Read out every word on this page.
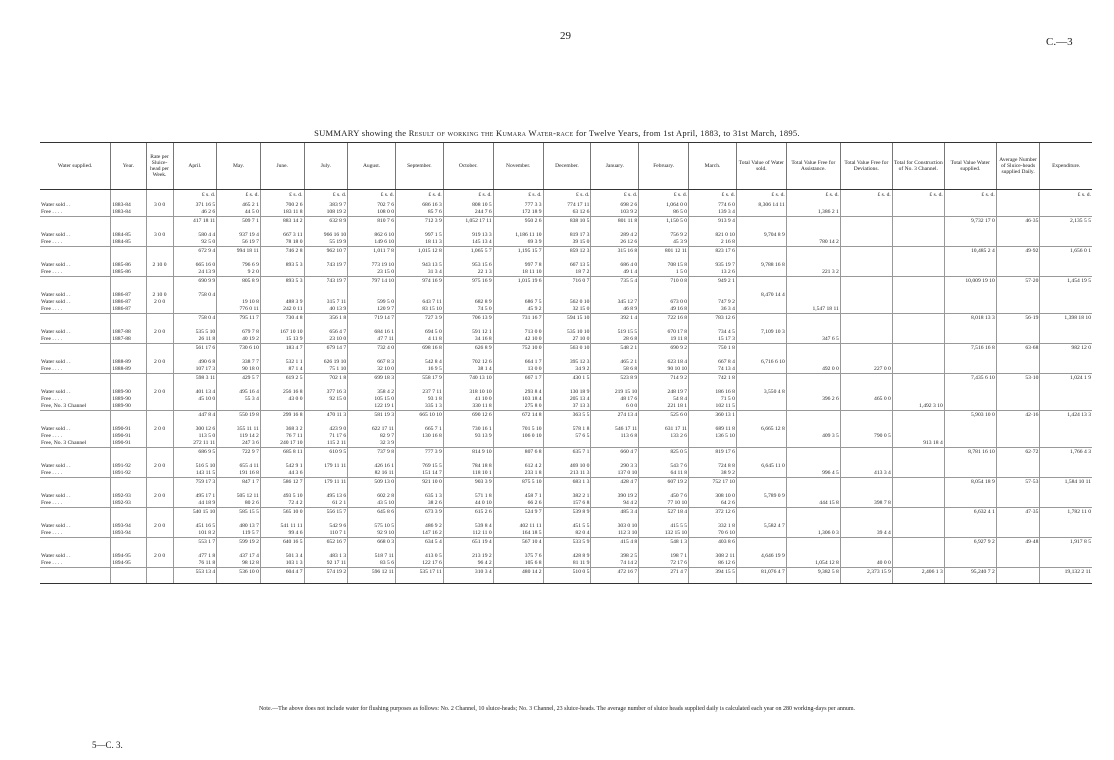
29	C.—3
SUMMARY showing the Result of working the Kumara Water-race for Twelve Years, from 1st April, 1883, to 31st March, 1895.
Water supplied.	Year.	Rate per Sluice-head per Week.	April.	May.	June.	July.	August.	September.	October.	November.	December.	January.	February.	March.	Total Value of Water sold.	Total Value Free for Assistance.	Total Value Free for Deviations.	Total for Construction of No. 3 Channel.	Total Value Water supplied.	Average Number of Sluice-heads supplied Daily.	Expenditure.
			£ s. d.	£ s. d.	£ s. d.	£ s. d.	£ s. d.	£ s. d.	£ s. d.	£ s. d.	£ s. d.	£ s. d.	£ s. d.	£ s. d.	£ s. d.	£ s. d.	£ s. d.	£ s. d.	£ s. d.		£ s. d.
Water sold . .	1883-84	3 0 0	371 16 5	465 2 1	700 2 6	383 9 7	702 7 6	686 16 3	808 10 5	777 3 3	774 17 11	698 2 6	1,064 0 0	774 6 0	8,306 14 11						
Free . . . .	1883-84		46 2 6	44 5 0	183 11 8	108 19 2	108 0 0	85 7 6	244 7 6	172 18 9	63 12 6	103 9 2	86 5 0	139 3 4		1,386 2 1					
			417 18 11	509 7 1	883 14 2	632 8 9	810 7 6	712 3 9	1,052 17 11	950 2 6	838 10 5	801 11 8	1,150 5 0	913 9 4					9,732 17 0	46·35	2,135 5 5
Water sold . .	1884-85	3 0 0	580 4 4	937 19 4	667 3 11	966 16 10	862 6 10	997 1 5	919 13 3	1,186 11 10	819 17 3	289 4 2	756 9 2	821 0 10	9,704 8 9						
Free . . . .	1884-85		92 5 0	56 19 7	78 18 0	55 19 9	149 6 10	18 11 3	145 13 4	69 3 9	39 15 0	26 12 6	45 3 9	2 16 8		780 14 2					
			672 9 4	994 18 11	746 2 8	962 10 7	1,011 7 8	1,015 12 8	1,065 5 7	1,195 15 7	859 12 3	315 16 8	801 12 11	823 17 6					10,485 2 4	49·92	1,656 0 1
Water sold . .	1885-86	2 10 0	665 16 0	796 6 9	893 5 3	743 19 7	773 19 10	943 13 5	953 15 6	997 7 8	667 13 5	686 4 0	708 15 8	935 19 7	9,788 16 8						
Free . . . .	1885-86		24 13 9	9 2 0			23 15 0	31 3 4	22 1 3	18 11 10	18 7 2	49 1 4	1 5 0	13 2 6		221 3 2					
			690 9 9	805 8 9	893 5 3	743 19 7	797 14 10	974 16 9	975 16 9	1,015 19 6	716 0 7	735 5 4	710 0 8	949 2 1					10,009 19 10	57·20	1,454 19 5
Water sold . .	1886-87	2 10 0	758 0 4												8,470 14 4						
Water sold . .	1886-87	2 0 0		19 10 8	488 3 9	315 7 11	599 5 0	643 7 11	682 8 9	686 7 5	562 0 10	345 12 7	673 0 0	747 9 2							
Free . . . .	1886-87			776 0 11	242 0 11	40 13 9	120 9 7	83 15 10	74 5 0	45 9 2	32 15 0	46 8 9	49 16 8	36 3 4		1,547 18 11					
			758 0 4	795 11 7	730 4 8	356 1 8	719 14 7	727 3 9	706 13 9	731 16 7	594 15 10	392 1 4	722 16 8	783 12 6					8,018 13 3	56·19	1,398 18 10
Water sold . .	1887-88	2 0 0	535 5 10	679 7 8	167 10 10	656 4 7	684 16 1	694 5 0	591 12 1	713 0 0	535 10 10	519 15 5	670 17 8	734 4 5	7,109 10 3						
Free . . . .	1887-88		26 11 8	40 19 2	15 13 9	23 10 0	47 7 11	4 11 8	34 16 8	42 10 0	27 10 0	28 6 8	19 11 8	15 17 3		347 6 5					
			561 17 6	730 6 10	183 4 7	679 14 7	732 4 0	698 16 8	626 8 9	752 10 0	563 0 10	548 2 1	690 9 2	750 1 8					7,516 16 8	63·68	982 12 0
Water sold . .	1888-89	2 0 0	490 6 8	338 7 7	532 1 1	626 19 10	667 8 3	542 8 4	702 12 6	664 1 7	395 12 3	465 2 1	623 18 4	667 8 4	6,716 6 10						
Free . . . .	1888-89		107 17 3	90 18 0	87 1 4	75 1 10	32 10 0	16 9 5	38 1 4	13 0 0	34 9 2	58 6 8	90 10 10	74 13 4		492 0 0	227 0 0				
			598 3 11	429 5 7	619 2 5	702 1 8	699 18 3	558 17 9	740 13 10	667 1 7	430 1 5	523 8 9	714 9 2	742 1 8					7,435 6 10	53·10	1,024 1 9
Water sold . .	1889-90	2 0 0	401 13 4	495 16 4	256 16 8	377 16 3	358 4 2	237 7 11	318 10 10	293 8 4	130 18 9	219 15 10	248 19 7	186 16 8	3,550 4 8						
Free . . . .	1889-90		45 10 0	55 3 4	43 0 0	92 15 0	105 15 0	93 1 8	41 10 0	103 18 4	205 13 4	48 17 6	54 8 4	71 5 0		396 2 6	465 0 0				
Free, No. 3 Channel	1889-90						122 19 1	335 1 3	330 11 8	275 8 0	37 13 3	6 0 0	221 18 1	102 11 5				1,492 3 10			
			447 8 4	550 19 8	299 16 8	470 11 3	581 19 3	665 10 10	690 12 6	672 14 8	363 5 5	274 13 4	525 6 0	360 13 1					5,903 10 0	42·16	1,424 13 3
Water sold . .	1890-91	2 0 0	300 12 6	355 11 11	368 3 2	423 9 0	622 17 11	665 7 1	730 16 1	701 5 10	578 1 8	546 17 11	631 17 11	689 11 8	6,665 12 8						
Free . . . .	1890-91		113 5 0	119 14 2	76 7 11	71 17 6	82 9 7	130 16 8	93 13 9	106 0 10	57 6 5	113 6 8	133 2 6	136 5 10		409 3 5	790 0 5				
Free, No. 3 Channel	1890-91		272 11 11	247 3 6	240 17 10	115 2 11	32 3 9											913 18 4			
			686 9 5	722 9 7	685 8 11	610 9 5	737 9 8	777 3 9	814 9 10	807 6 8	635 7 1	660 4 7	825 0 5	819 17 6					8,781 16 10	62·72	1,766 4 3
Water sold . .	1891-92	2 0 0	516 5 10	655 4 11	542 9 1	179 11 11	426 16 1	769 15 5	784 18 8	612 4 2	469 10 0	290 3 3	543 7 6	724 8 8	6,645 11 0						
Free . . . .	1891-92		143 11 5	191 16 8	44 3 6		82 16 11	151 14 7	118 10 1	233 1 8	213 11 3	137 0 10	64 11 8	38 9 2		996 4 5	413 3 4				
			759 17 3	847 1 7	586 12 7	179 11 11	509 13 0	921 10 0	903 3 9	875 5 10	683 1 3	428 4 7	607 19 2	752 17 10					8,054 18 9	57·53	1,584 10 11
Water sold . .	1892-93	2 0 0	495 17 1	505 12 11	493 5 10	495 13 6	602 2 8	635 1 3	571 1 8	458 7 1	382 2 1	390 19 2	450 7 6	308 10 0	5,789 0 9						
Free . . . .	1892-93		44 18 9	80 2 6	72 4 2	61 2 1	43 5 10	38 2 6	44 0 10	66 2 6	157 6 8	94 4 2	77 10 10	64 2 6		444 15 8	398 7 8				
			540 15 10	585 15 5	565 10 0	556 15 7	645 8 6	673 3 9	615 2 6	524 9 7	539 8 9	485 3 4	527 18 4	372 12 6					6,632 4 1	47·35	1,782 11 0
Water sold . .	1893-94	2 0 0	451 16 5	480 13 7	541 11 11	542 9 6	575 10 5	486 9 2	539 8 4	402 11 11	451 5 5	303 0 10	415 5 5	332 1 8	5,582 4 7						
Free . . . .	1893-94		101 8 2	119 5 7	99 4 6	110 7 1	92 9 10	147 16 2	112 11 0	164 18 5	82 0 4	112 3 10	132 15 10	70 6 10		1,306 0 3	39 4 4				
			553 1 7	599 19 2	640 16 5	652 16 7	668 0 3	634 5 4	651 19 4	567 10 4	533 5 9	415 4 8	548 1 3	403 8 6					6,927 9 2	49·48	1,917 8 5
Water sold . .	1894-95	2 0 0	477 1 8	437 17 4	501 3 4	483 1 3	518 7 11	413 0 5	213 19 2	375 7 6	428 8 9	398 2 5	198 7 1	308 2 11	4,646 19 9						
Free . . . .	1894-95		76 11 8	98 12 8	103 1 3	92 17 11	83 5 6	122 17 6	96 4 2	105 6 8	81 11 9	74 14 2	72 17 6	86 12 6		1,054 12 8	40 0 0				
			553 13 4	536 10 0	604 4 7	574 19 2	596 12 11	535 17 11	310 3 4	480 14 2	510 0 5	472 16 7	271 4 7	394 15 5	81,076 4 7	9,382 5 8	2,373 15 9	2,406 1 3	95,240 7 2		19,132 2 11
Note.—The above does not include water for flushing purposes as follows: No. 2 Channel, 10 sluice-heads; No. 3 Channel, 23 sluice-heads. The average number of sluice heads supplied daily is calculated each year on 280 working-days per annum.
5—C. 3.
